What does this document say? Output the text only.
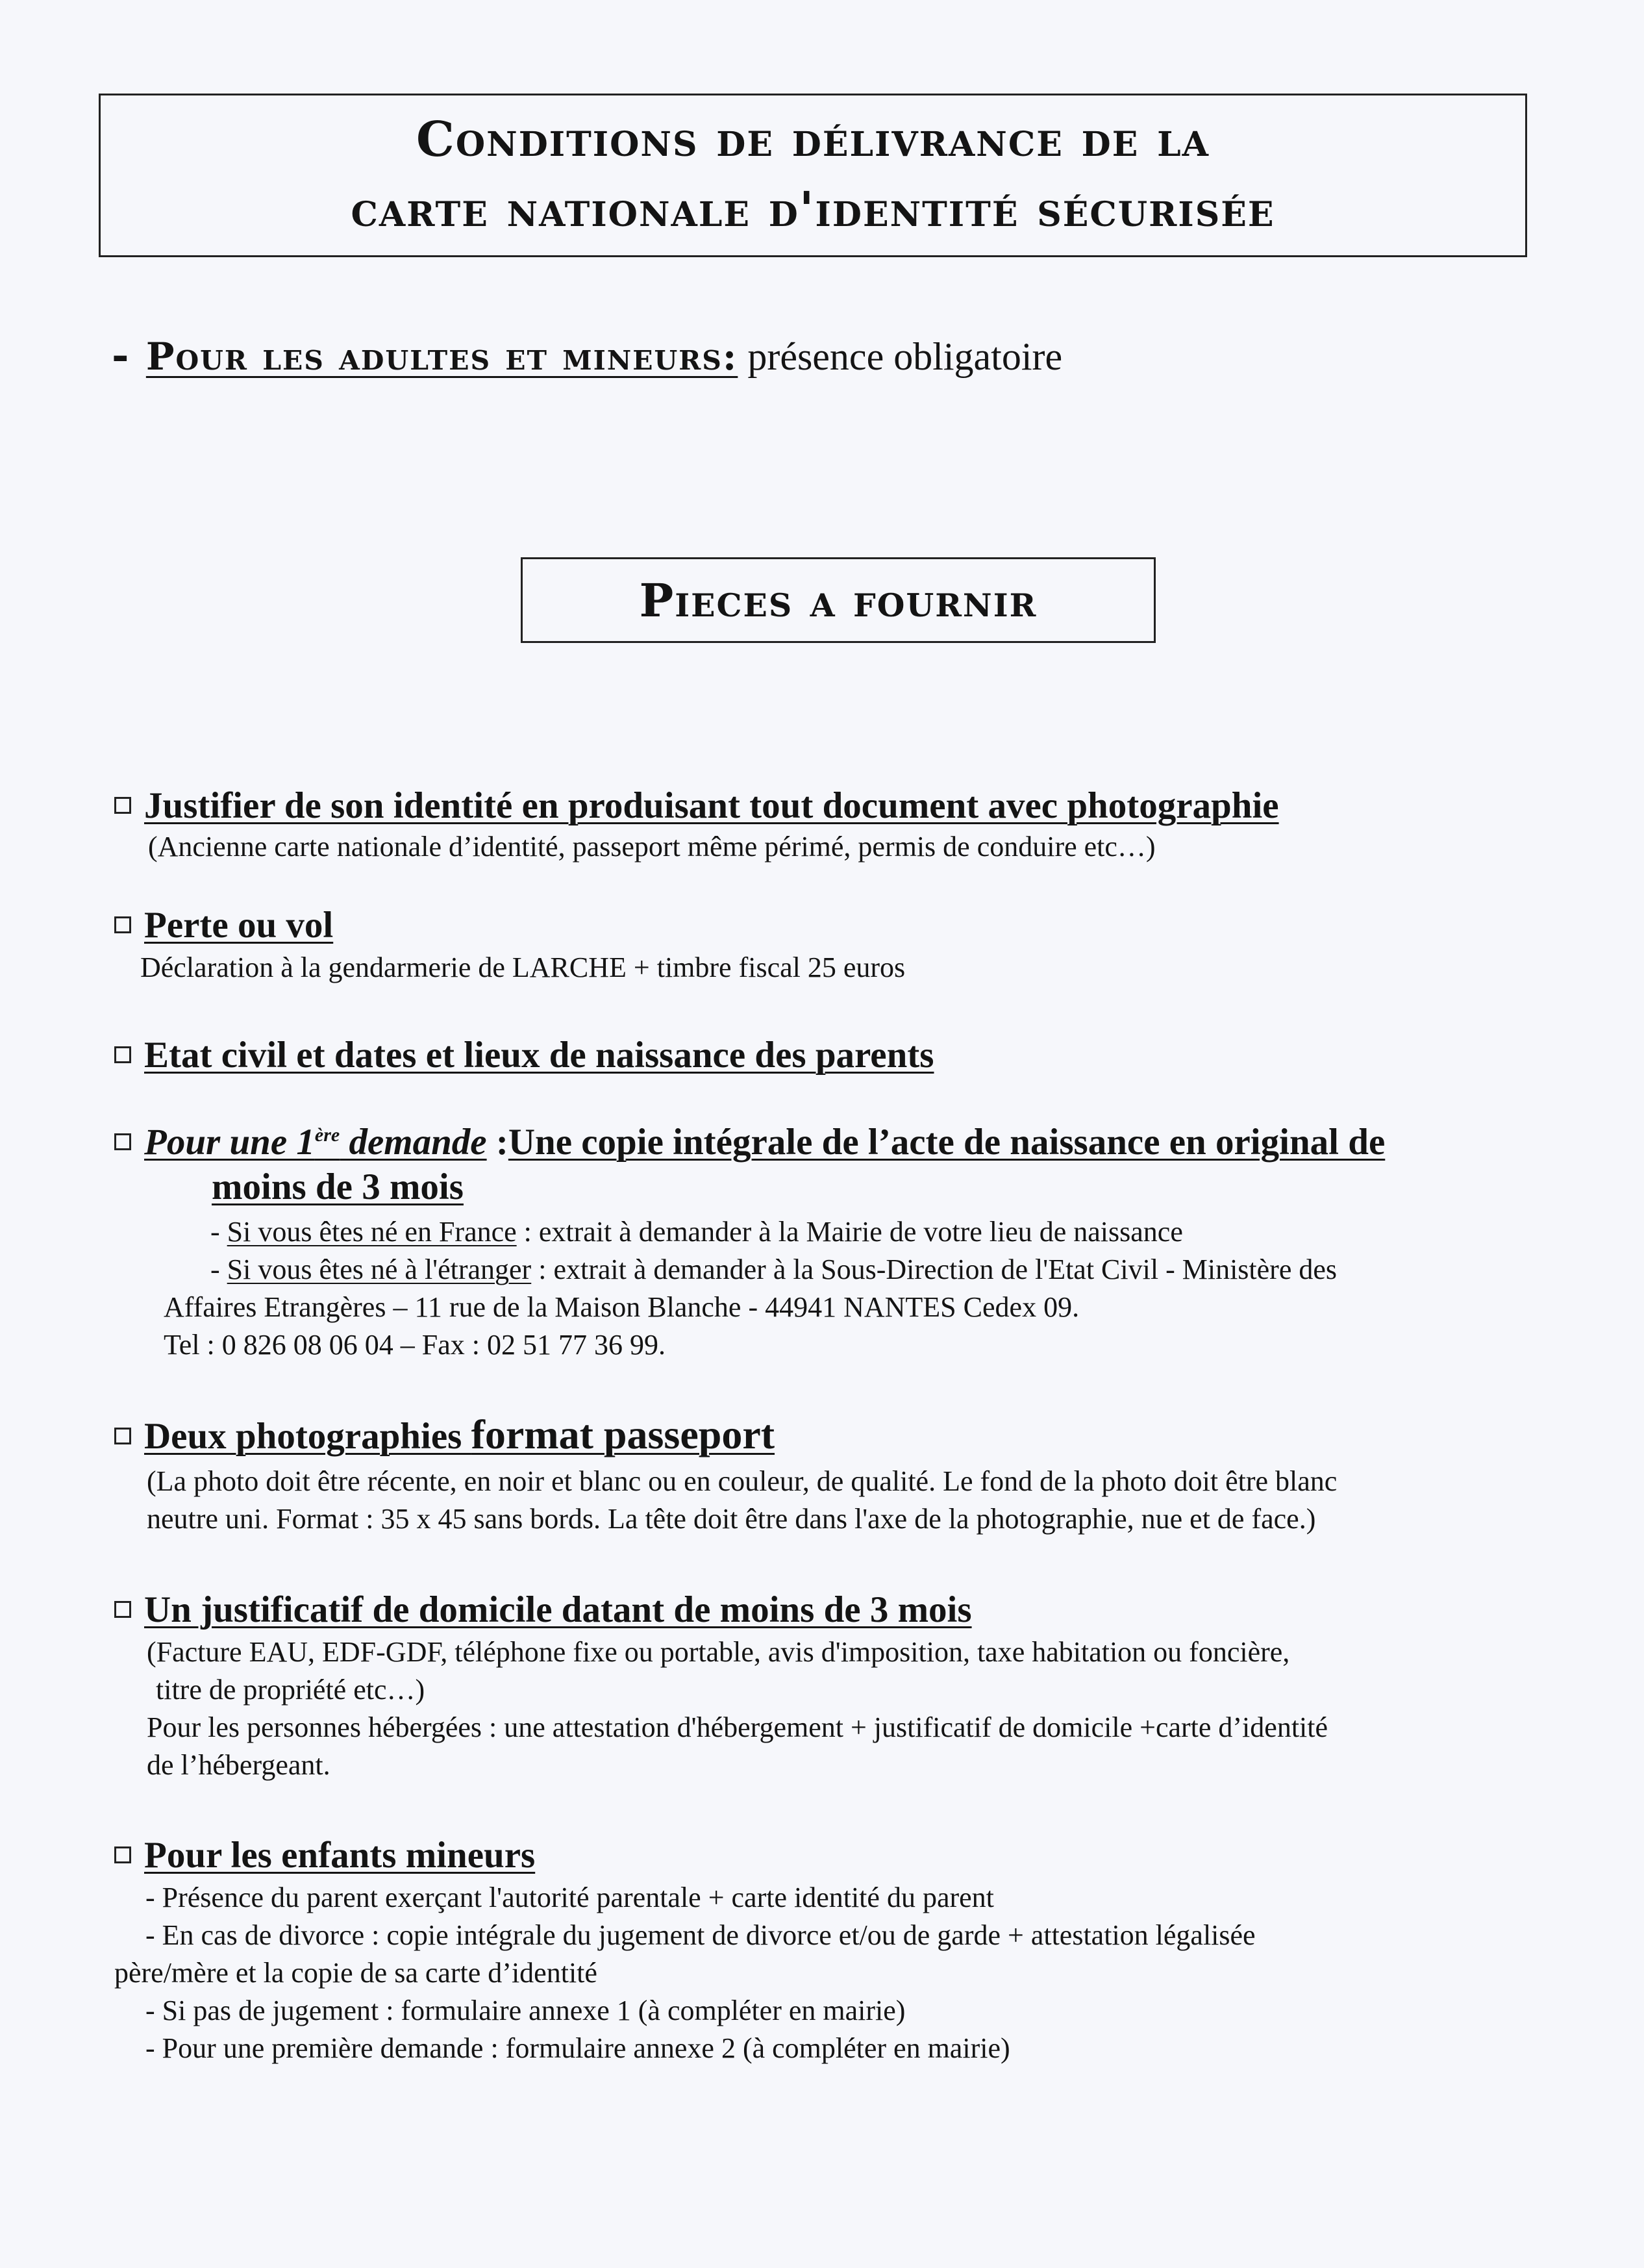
Conditions de délivrance de la
carte nationale d'identité sécurisée
- Pour les adultes et mineurs: présence obligatoire
Pieces a fournir
Justifier de son identité en produisant tout document avec photographie
(Ancienne carte nationale d’identité, passeport même périmé, permis de conduire etc…)
Perte ou vol
Déclaration à la gendarmerie de LARCHE + timbre fiscal 25 euros
Etat civil et dates et lieux de naissance des parents
Pour une 1ère demande :Une copie intégrale de l’acte de naissance en original de
moins de 3 mois
- Si vous êtes né en France : extrait à demander à la Mairie de votre lieu de naissance
- Si vous êtes né à l'étranger : extrait à demander à la Sous-Direction de l'Etat Civil - Ministère des
Affaires Etrangères – 11 rue de la Maison Blanche - 44941 NANTES Cedex 09.
Tel : 0 826 08 06 04 – Fax : 02 51 77 36 99.
Deux photographies format passeport
(La photo doit être récente, en noir et blanc ou en couleur, de qualité. Le fond de la photo doit être blanc
neutre uni. Format : 35 x 45 sans bords. La tête doit être dans l'axe de la photographie, nue et de face.)
Un justificatif de domicile datant de moins de 3 mois
(Facture EAU, EDF-GDF, téléphone fixe ou portable, avis d'imposition, taxe habitation ou foncière,
titre de propriété etc…)
Pour les personnes hébergées : une attestation d'hébergement + justificatif de domicile +carte d’identité
de l’hébergeant.
Pour les enfants mineurs
- Présence du parent exerçant l'autorité parentale + carte identité du parent
- En cas de divorce : copie intégrale du jugement de divorce et/ou de garde + attestation légalisée
père/mère et la copie de sa carte d’identité
- Si pas de jugement : formulaire annexe 1 (à compléter en mairie)
- Pour une première demande : formulaire annexe 2 (à compléter en mairie)
